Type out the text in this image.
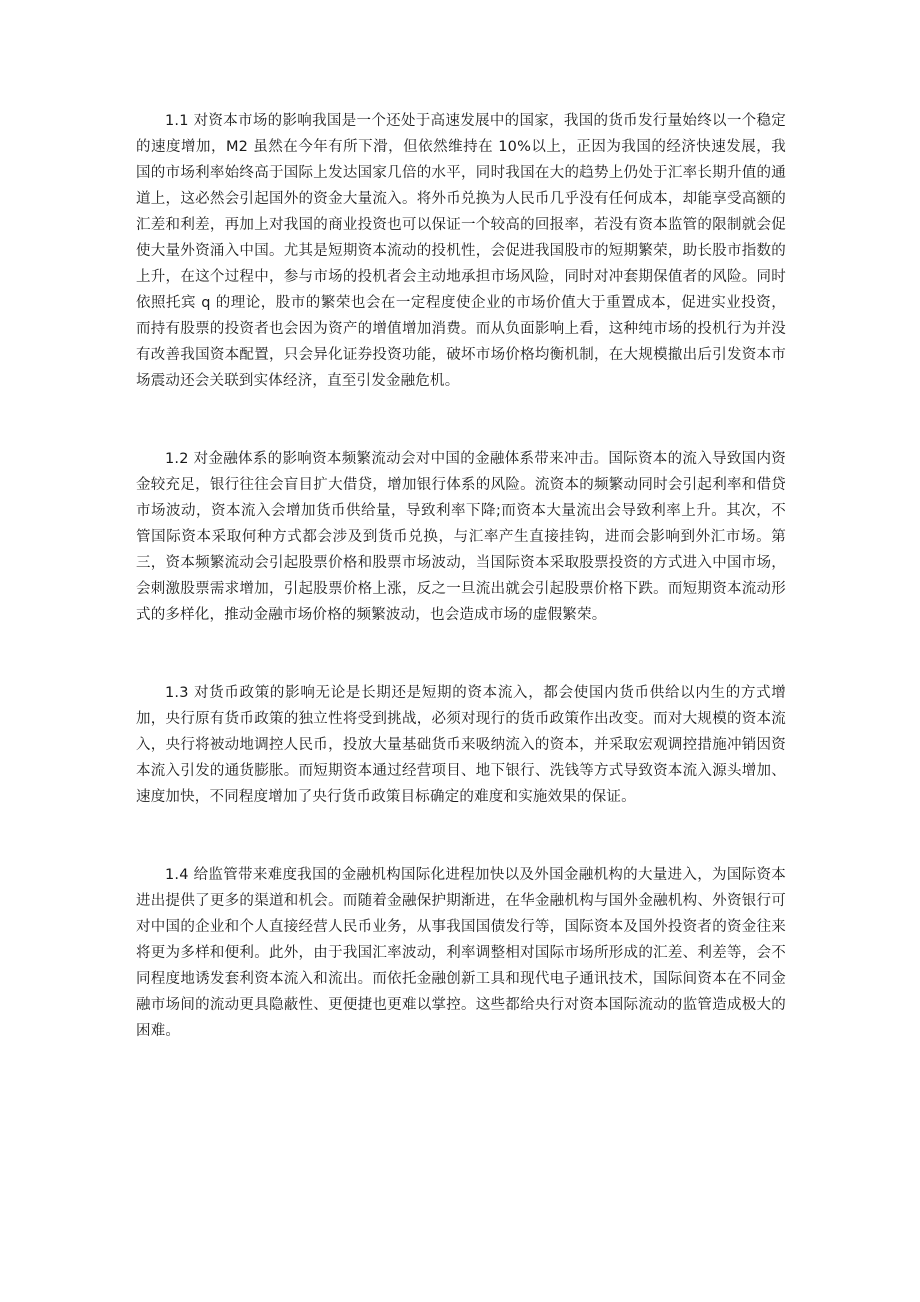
1.1 对资本市场的影响我国是一个还处于高速发展中的国家，我国的货币发行量始终以一个稳定的速度增加，M2 虽然在今年有所下滑，但依然维持在 10%以上，正因为我国的经济快速发展，我国的市场利率始终高于国际上发达国家几倍的水平，同时我国在大的趋势上仍处于汇率长期升值的通道上，这必然会引起国外的资金大量流入。将外币兑换为人民币几乎没有任何成本，却能享受高额的汇差和利差，再加上对我国的商业投资也可以保证一个较高的回报率，若没有资本监管的限制就会促使大量外资涌入中国。尤其是短期资本流动的投机性，会促进我国股市的短期繁荣，助长股市指数的上升，在这个过程中，参与市场的投机者会主动地承担市场风险，同时对冲套期保值者的风险。同时依照托宾 q 的理论，股市的繁荣也会在一定程度使企业的市场价值大于重置成本，促进实业投资，而持有股票的投资者也会因为资产的增值增加消费。而从负面影响上看，这种纯市场的投机行为并没有改善我国资本配置，只会异化证券投资功能，破坏市场价格均衡机制，在大规模撤出后引发资本市场震动还会关联到实体经济，直至引发金融危机。

1.2 对金融体系的影响资本频繁流动会对中国的金融体系带来冲击。国际资本的流入导致国内资金较充足，银行往往会盲目扩大借贷，增加银行体系的风险。流资本的频繁动同时会引起利率和借贷市场波动，资本流入会增加货币供给量，导致利率下降;而资本大量流出会导致利率上升。其次，不管国际资本采取何种方式都会涉及到货币兑换，与汇率产生直接挂钩，进而会影响到外汇市场。第三，资本频繁流动会引起股票价格和股票市场波动，当国际资本采取股票投资的方式进入中国市场，会刺激股票需求增加，引起股票价格上涨，反之一旦流出就会引起股票价格下跌。而短期资本流动形式的多样化，推动金融市场价格的频繁波动，也会造成市场的虚假繁荣。

1.3 对货币政策的影响无论是长期还是短期的资本流入，都会使国内货币供给以内生的方式增加，央行原有货币政策的独立性将受到挑战，必须对现行的货币政策作出改变。而对大规模的资本流入，央行将被动地调控人民币，投放大量基础货币来吸纳流入的资本，并采取宏观调控措施冲销因资本流入引发的通货膨胀。而短期资本通过经营项目、地下银行、洗钱等方式导致资本流入源头增加、速度加快，不同程度增加了央行货币政策目标确定的难度和实施效果的保证。

1.4 给监管带来难度我国的金融机构国际化进程加快以及外国金融机构的大量进入，为国际资本进出提供了更多的渠道和机会。而随着金融保护期渐进，在华金融机构与国外金融机构、外资银行可对中国的企业和个人直接经营人民币业务，从事我国国债发行等，国际资本及国外投资者的资金往来将更为多样和便利。此外，由于我国汇率波动，利率调整相对国际市场所形成的汇差、利差等，会不同程度地诱发套利资本流入和流出。而依托金融创新工具和现代电子通讯技术，国际间资本在不同金融市场间的流动更具隐蔽性、更便捷也更难以掌控。这些都给央行对资本国际流动的监管造成极大的困难。
